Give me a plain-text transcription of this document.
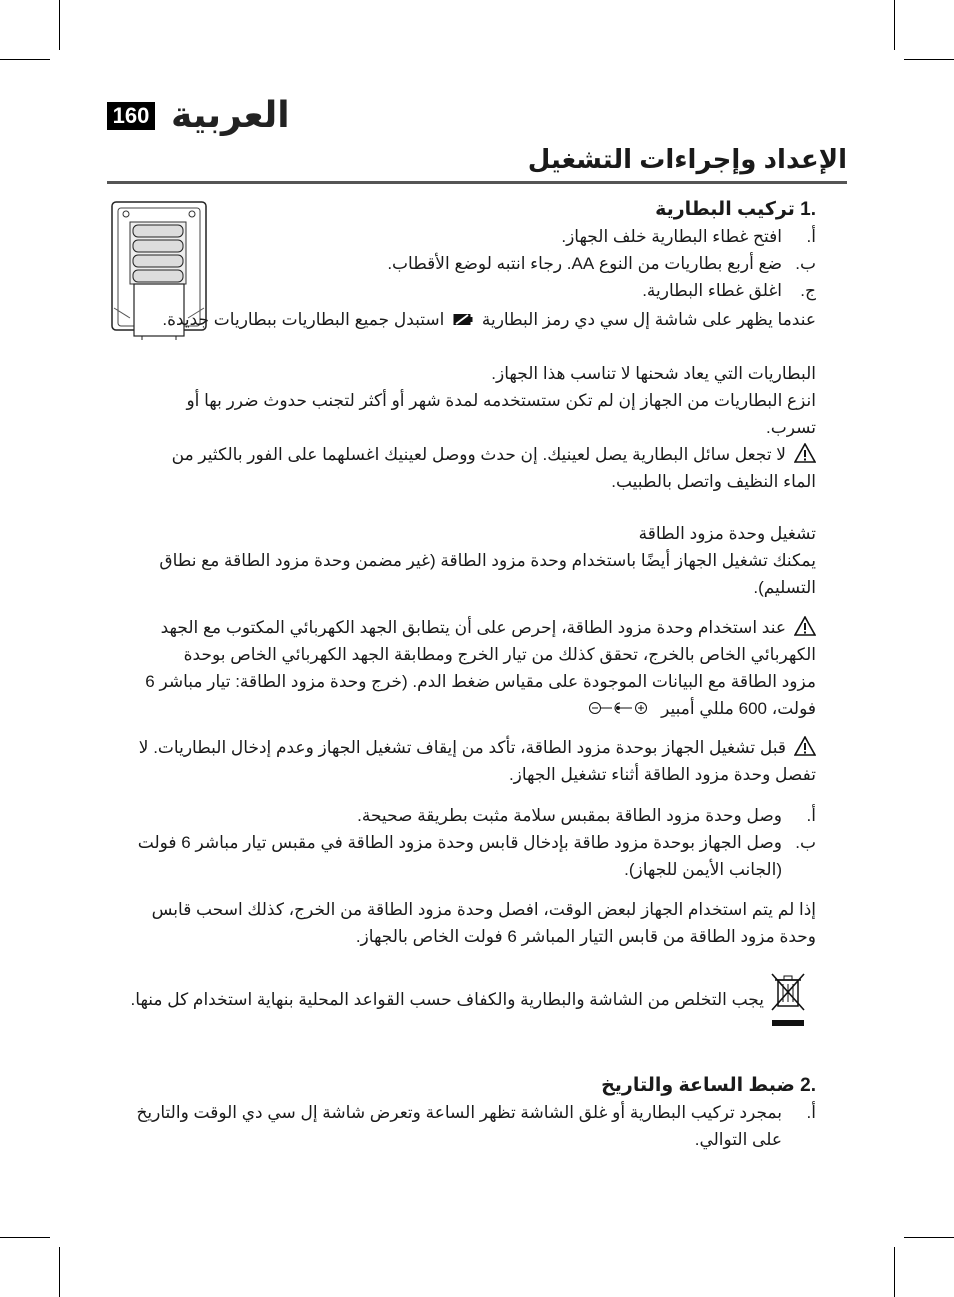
160 العربية
الإعداد وإجراءات التشغيل
.1 تركيب البطارية
أ.
افتح غطاء البطارية خلف الجهاز.
ب.
ضع أربع بطاريات من النوع AA. رجاء انتبه لوضع الأقطاب.
ج.
اغلق غطاء البطارية.
عندما يظهر على شاشة إل سي دي رمز البطارية  استبدل جميع البطاريات ببطاريات جديدة.
البطاريات التي يعاد شحنها لا تناسب هذا الجهاز.
انزع البطاريات من الجهاز إن لم تكن ستستخدمه لمدة شهر أو أكثر لتجنب حدوث ضرر بها أو
تسرب.
لا تجعل سائل البطارية يصل لعينيك. إن حدث ووصل لعينيك اغسلهما على الفور بالكثير من
الماء النظيف واتصل بالطبيب.
تشغيل وحدة مزود الطاقة
يمكنك تشغيل الجهاز أيضًا باستخدام وحدة مزود الطاقة (غير مضمن وحدة مزود الطاقة مع نطاق
التسليم).
عند استخدام وحدة مزود الطاقة، إحرص على أن يتطابق الجهد الكهربائي المكتوب مع الجهد
الكهربائي الخاص بالخرج، تحقق كذلك من تيار الخرج ومطابقة الجهد الكهربائي الخاص بوحدة
مزود الطاقة مع البيانات الموجودة على مقياس ضغط الدم. (خرج وحدة مزود الطاقة: تيار مباشر 6
فولت، 600 مللي أمبير
قبل تشغيل الجهاز بوحدة مزود الطاقة، تأكد من إيقاف تشغيل الجهاز وعدم إدخال البطاريات. لا
تفصل وحدة مزود الطاقة أثناء تشغيل الجهاز.
أ.
وصل وحدة مزود الطاقة بمقبس سلامة مثبت بطريقة صحيحة.
ب.
وصل الجهاز بوحدة مزود طاقة بإدخال قابس وحدة مزود الطاقة في مقبس تيار مباشر 6 فولت
(الجانب الأيمن للجهاز).
إذا لم يتم استخدام الجهاز لبعض الوقت، افصل وحدة مزود الطاقة من الخرج، كذلك اسحب قابس
وحدة مزود الطاقة من قابس التيار المباشر 6 فولت الخاص بالجهاز.
يجب التخلص من الشاشة والبطارية والكفاف حسب القواعد المحلية بنهاية استخدام كل منها.
.2 ضبط الساعة والتاريخ
أ.
بمجرد تركيب البطارية أو غلق الشاشة تظهر الساعة وتعرض شاشة إل سي دي الوقت والتاريخ
على التوالي.
